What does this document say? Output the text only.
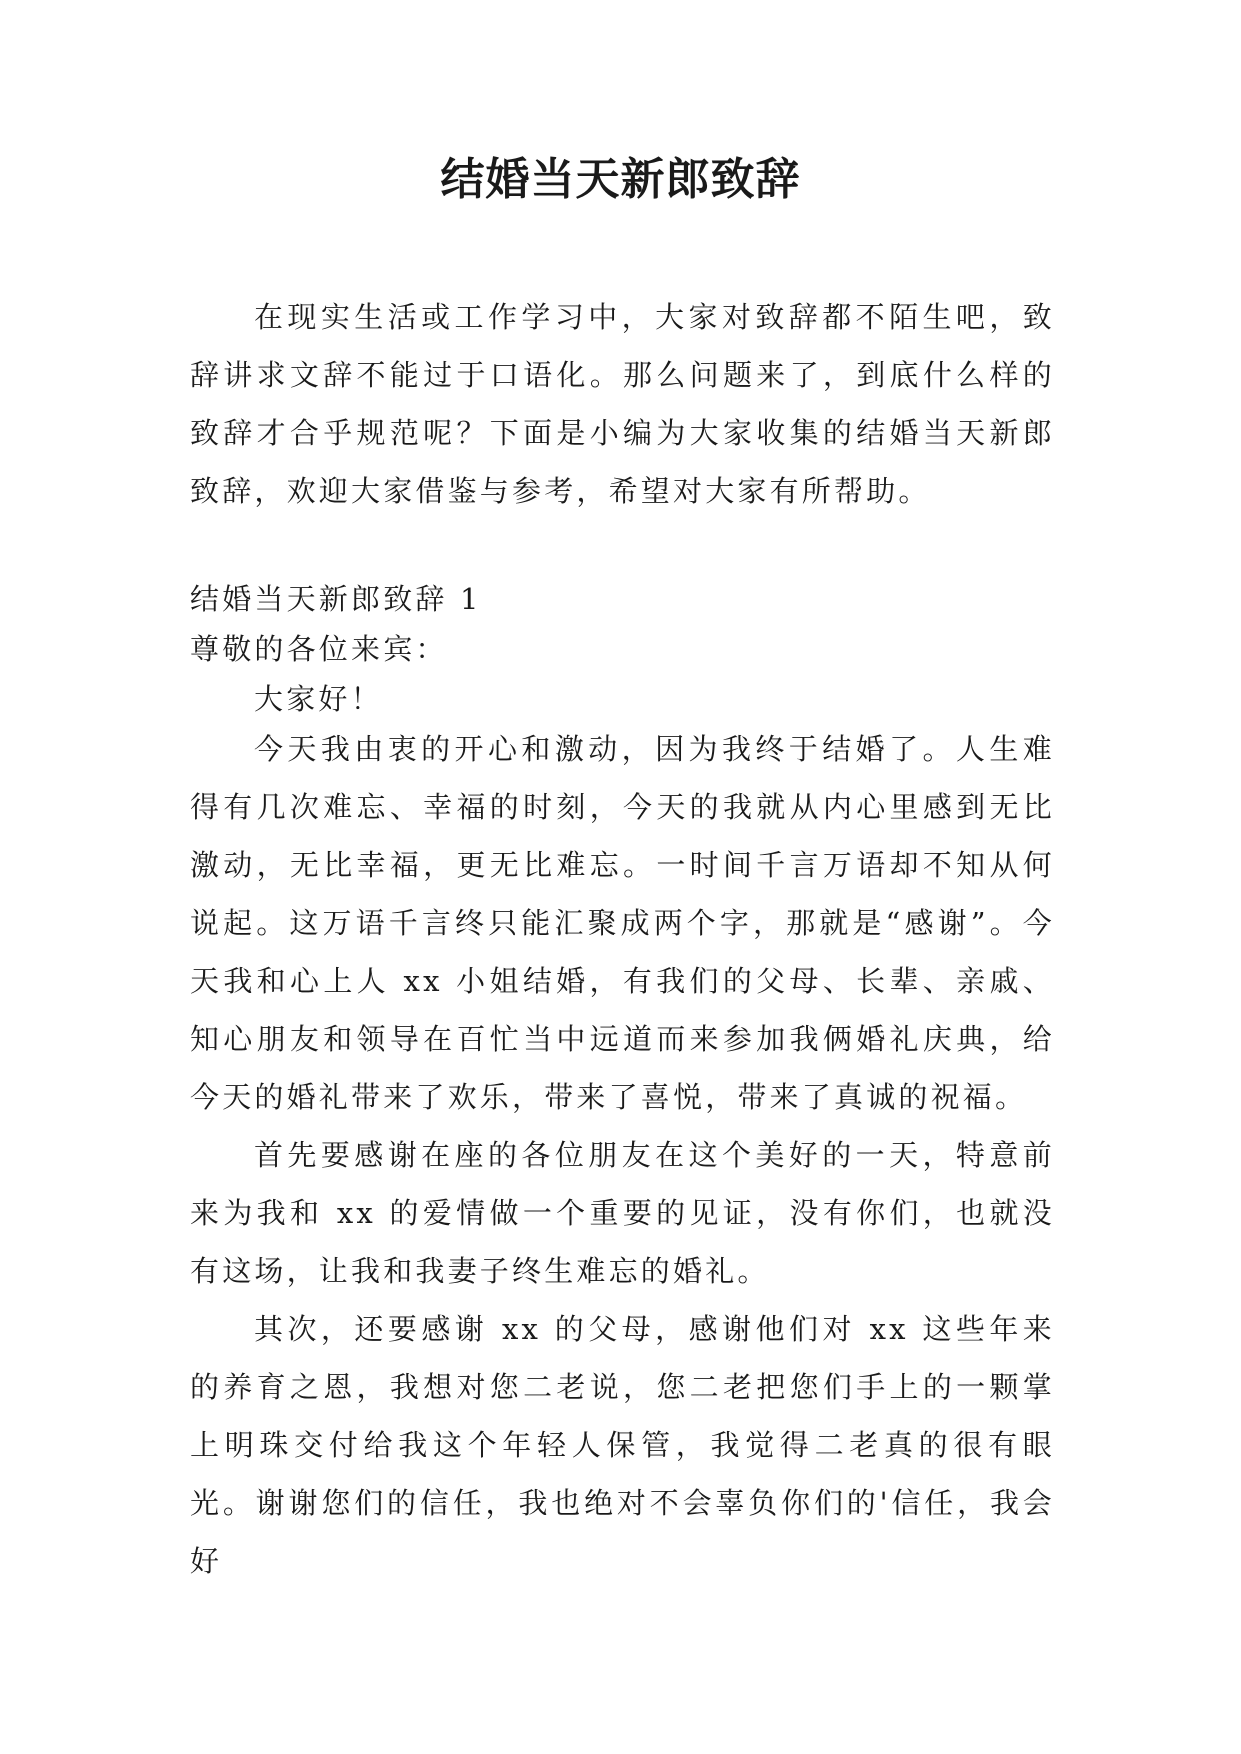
结婚当天新郎致辞

在现实生活或工作学习中，大家对致辞都不陌生吧，致辞讲求文辞不能过于口语化。那么问题来了，到底什么样的致辞才合乎规范呢？下面是小编为大家收集的结婚当天新郎致辞，欢迎大家借鉴与参考，希望对大家有所帮助。

结婚当天新郎致辞 1

尊敬的各位来宾：

大家好！

今天我由衷的开心和激动，因为我终于结婚了。人生难得有几次难忘、幸福的时刻，今天的我就从内心里感到无比激动，无比幸福，更无比难忘。一时间千言万语却不知从何说起。这万语千言终只能汇聚成两个字，那就是“感谢”。今天我和心上人 xx 小姐结婚，有我们的父母、长辈、亲戚、知心朋友和领导在百忙当中远道而来参加我俩婚礼庆典，给今天的婚礼带来了欢乐，带来了喜悦，带来了真诚的祝福。

首先要感谢在座的各位朋友在这个美好的一天，特意前来为我和 xx 的爱情做一个重要的见证，没有你们，也就没有这场，让我和我妻子终生难忘的婚礼。

其次，还要感谢 xx 的父母，感谢他们对 xx 这些年来的养育之恩，我想对您二老说，您二老把您们手上的一颗掌上明珠交付给我这个年轻人保管，我觉得二老真的很有眼光。谢谢您们的信任，我也绝对不会辜负你们的'信任，我会好
